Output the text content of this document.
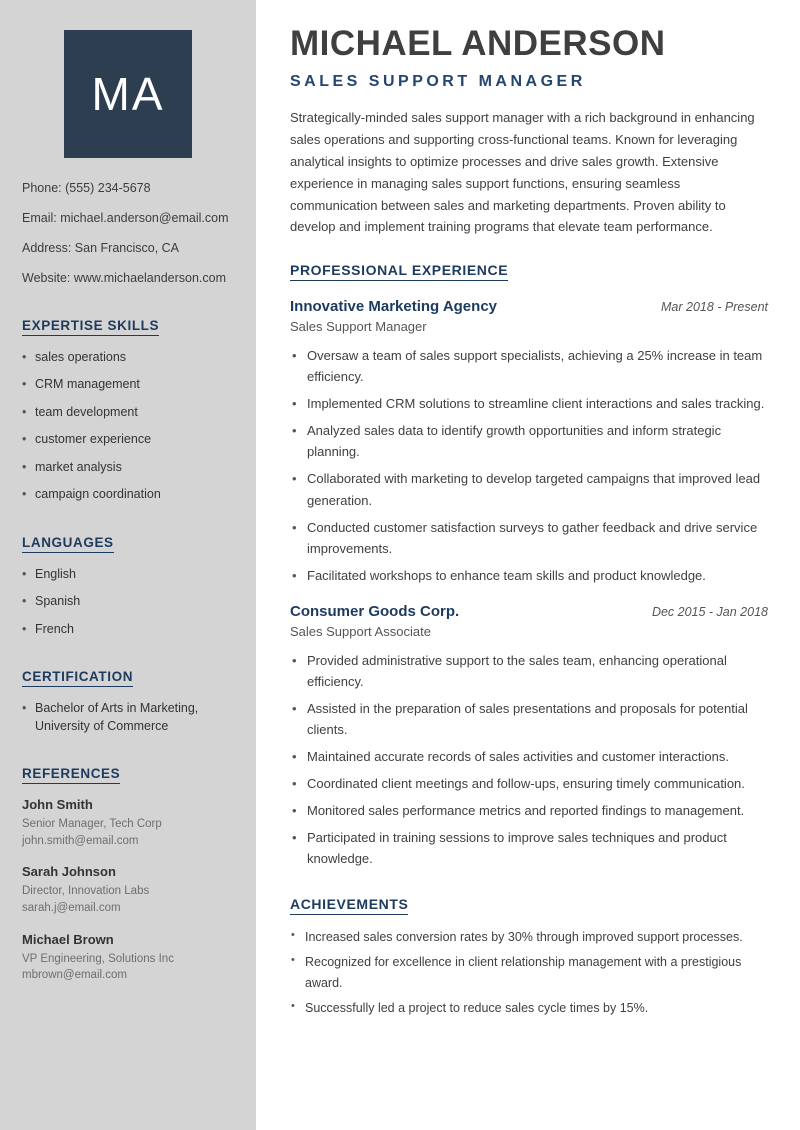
MA
Phone: (555) 234-5678
Email: michael.anderson@email.com
Address: San Francisco, CA
Website: www.michaelanderson.com
EXPERTISE SKILLS
• sales operations
• CRM management
• team development
• customer experience
• market analysis
• campaign coordination
LANGUAGES
• English
• Spanish
• French
CERTIFICATION
• Bachelor of Arts in Marketing, University of Commerce
REFERENCES
John Smith
Senior Manager, Tech Corp
john.smith@email.com
Sarah Johnson
Director, Innovation Labs
sarah.j@email.com
Michael Brown
VP Engineering, Solutions Inc
mbrown@email.com
MICHAEL ANDERSON
SALES SUPPORT MANAGER

Strategically-minded sales support manager with a rich background in enhancing sales operations and supporting cross-functional teams. Known for leveraging analytical insights to optimize processes and drive sales growth. Extensive experience in managing sales support functions, ensuring seamless communication between sales and marketing departments. Proven ability to develop and implement training programs that elevate team performance.

PROFESSIONAL EXPERIENCE
Innovative Marketing Agency	Mar 2018 - Present
Sales Support Manager
• Oversaw a team of sales support specialists, achieving a 25% increase in team efficiency.
• Implemented CRM solutions to streamline client interactions and sales tracking.
• Analyzed sales data to identify growth opportunities and inform strategic planning.
• Collaborated with marketing to develop targeted campaigns that improved lead generation.
• Conducted customer satisfaction surveys to gather feedback and drive service improvements.
• Facilitated workshops to enhance team skills and product knowledge.
Consumer Goods Corp.	Dec 2015 - Jan 2018
Sales Support Associate
• Provided administrative support to the sales team, enhancing operational efficiency.
• Assisted in the preparation of sales presentations and proposals for potential clients.
• Maintained accurate records of sales activities and customer interactions.
• Coordinated client meetings and follow-ups, ensuring timely communication.
• Monitored sales performance metrics and reported findings to management.
• Participated in training sessions to improve sales techniques and product knowledge.
ACHIEVEMENTS
• Increased sales conversion rates by 30% through improved support processes.
• Recognized for excellence in client relationship management with a prestigious award.
• Successfully led a project to reduce sales cycle times by 15%.
